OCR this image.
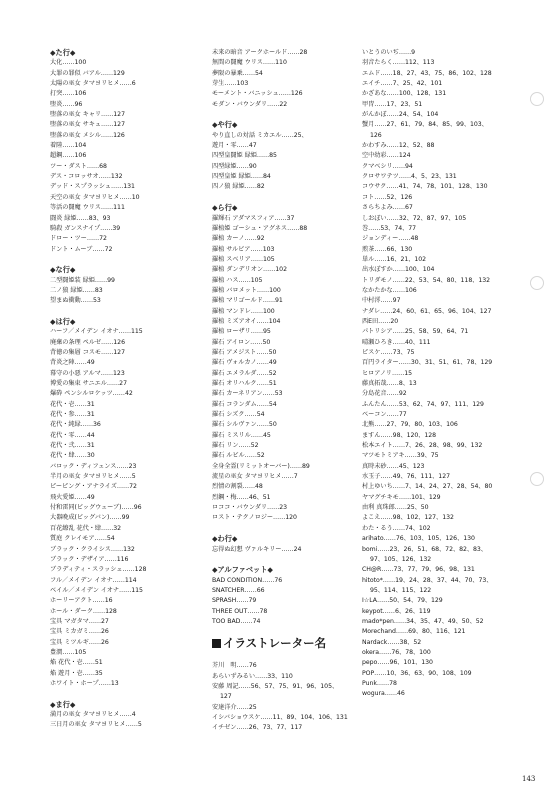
◆た行◆
大化……100
大罪の罪似 バアル……129
太陽の巫女 タマヨリヒメ……6
打突……106
堕炎……96
堕落の巫女 キャリ……127
堕落の巫女 サキュ……127
堕落の巫女 メシル……126
着陸……104
超鋼……106
ツー・ダスト……68
デス・コロッサオ……132
デッド・スプラッシュ……131
天空の巫女 タマヨリヒメ……10
等活の闘魔 ウリス……111
闘炎 緑姫……83、93
騎殺 ガンスナイプ……39
ドロー・ツー……72
ドント・ムーブ……72
◆な行◆
二型闘姫装 緑姫……99
二ノ狼 緑姫……83
望まぬ衝動……53
◆は行◆
ハーフ／メイデン イオナ……115
廃棄の条理 ペルゼ……126
背徳の集層 コスモ……127
背炎之陣……49
幕守の小悪 アルマ……123
博愛の集束 サニエル……27
爆砕 ペンシルロケッツ……42
花代・壱……31
花代・参……31
花代・純緑……36
花代・零……44
花代・弐……31
花代・肆……30
バロック・ディフェンス……23
半月の巫女 タマヨリヒメ……5
ピーピング・アナライズ……72
飛火愛姫……49
付和雷同(ビッグウェーブ)……96
大器晩成(ビッグバン)……99
百花繚乱 花代・肆……32
質庭 クレイモア……54
ブラック・クライシス……132
ブラック・デザイア……116
ブラディティ・スラッシュ……128
フル／メイデン イオナ……114
ベイル／メイデン イオナ……115
ホーリーアクト……16
ホール・ダーク……128
宝具 マガタマ……27
宝具 ミカガミ……26
宝具 ミツルギ……26
豊潤……105
焔 花代・壱……51
焔 遊月・壱……35
ホワイト・ホープ……13
◆ま行◆
満月の巫女 タマヨリヒメ……4
三日月の巫女 タマヨリヒメ……5
未来の暗音 アークホールド……28
無間の闘魔 ウリス……110
夢限の暴乗……54
芽生……103
モーメント・バニッシュ……126
モダン・バウンダリ……22
◆や行◆
やり直しの対話 ミカエル……25、
遊月・零……47
四型皇闘姫 緑姫……85
四型緑姫……90
四型皇姫 緑姫……84
四ノ狼 緑姫……82
◆ら行◆
羅輝石 アダマスフィア……37
羅植姫 ゴーシュ・アグネス……88
羅植 カーノ……92
羅植 サルビア……103
羅植 スベリア……105
羅植 ダンデリオン……102
羅植 ハス……105
羅植 バロメット……100
羅植 マリゴールド……91
羅植 マンドレ……100
羅植 ミズアオイ……104
羅植 ローザリ……95
羅石 アイロン……50
羅石 アメジスト……50
羅石 ヴォルカノ……49
羅石 エメラルダ……52
羅石 オリハルク……51
羅石 カーネリアン……53
羅石 コランダム……54
羅石 シズク……54
羅石 シルヴァン……50
羅石 ミスリル……45
羅石 リン……52
羅石 ルビル……52
全身全霊(リミットオーバー)……89
流星の巫女 タマヨリヒメ……7
烈情の割裂……48
烈鋼・梅……46、51
ロココ・バウンダリ……23
ロスト・テクノロジー……120
◆わ行◆
忘得ぬ幻想 ヴァルキリー……24
◆アルファベット◆
BAD CONDITION……76
SNATCHER……66
SPRASH……79
THREE OUT……78
TOO BAD……74
イラストレーター名
芥川　明……76
あらいずみるい……33、110
安藤 周記……56、57、75、91、96、105、
127
安達洋介……25
イシバショウスケ……11、89、104、106、131
イチゼン……26、73、77、117
いとうのいぢ……9
羽音たらく……112、113
エムド……18、27、43、75、86、102、128
エイチ……7、25、42、101
かざあな……100、128、131
甲冑……17、23、51
がんかぼ……24、54、104
蟹月……27、61、79、84、85、99、103、
126
かわすみ……12、52、88
空中幼彩……124
クマベシリ……94
クロサワテツ……4、5、23、131
コウサク……41、74、78、101、128、130
コト……52、126
さらちよみ……67
しおぼい……32、72、87、97、105
巻……53、74、77
ジョンディー……48
煎茶……66、130
単ル……16、21、102
出水ぽすか……100、104
トリダモノ……22、53、54、80、118、132
なかたかな……106
中村澪……97
ナダレ……24、60、61、65、96、104、127
西E田……20
パトリシア……25、58、59、64、71
晴瀬ひろき……40、111
ピスケ……73、75
百円ライター……30、31、51、61、78、129
ヒロアノリ……15
藤真拓哉……8、13
分島花音……92
ふんたん……53、62、74、97、111、129
ベーコン……77
北熊……27、79、80、103、106
ますん……98、120、128
松本エイト……7、26、28、98、99、132
マツモトミアキ……39、75
真時未砂……45、123
水玉子……49、76、111、127
村上ゆいち……7、14、24、27、28、54、80
ヤマグチキモ……101、129
由利 真珠郎……25、50
よこえ……98、102、127、132
わた・るう……74、102
arihato……76、103、105、126、130
bomi……23、26、51、68、72、82、83、
97、105、126、132
CH@R……73、77、79、96、98、131
hitoto*……19、24、28、37、44、70、73、
95、114、115、122
I☆LA……50、54、79、129
keypot……6、26、119
mado*pen……34、35、47、49、50、52
Morechand……69、80、116、121
Nardack……38、52
okera……76、78、100
pepo……96、101、130
POP……10、36、63、90、108、109
Punk……78
wogura……46
143
